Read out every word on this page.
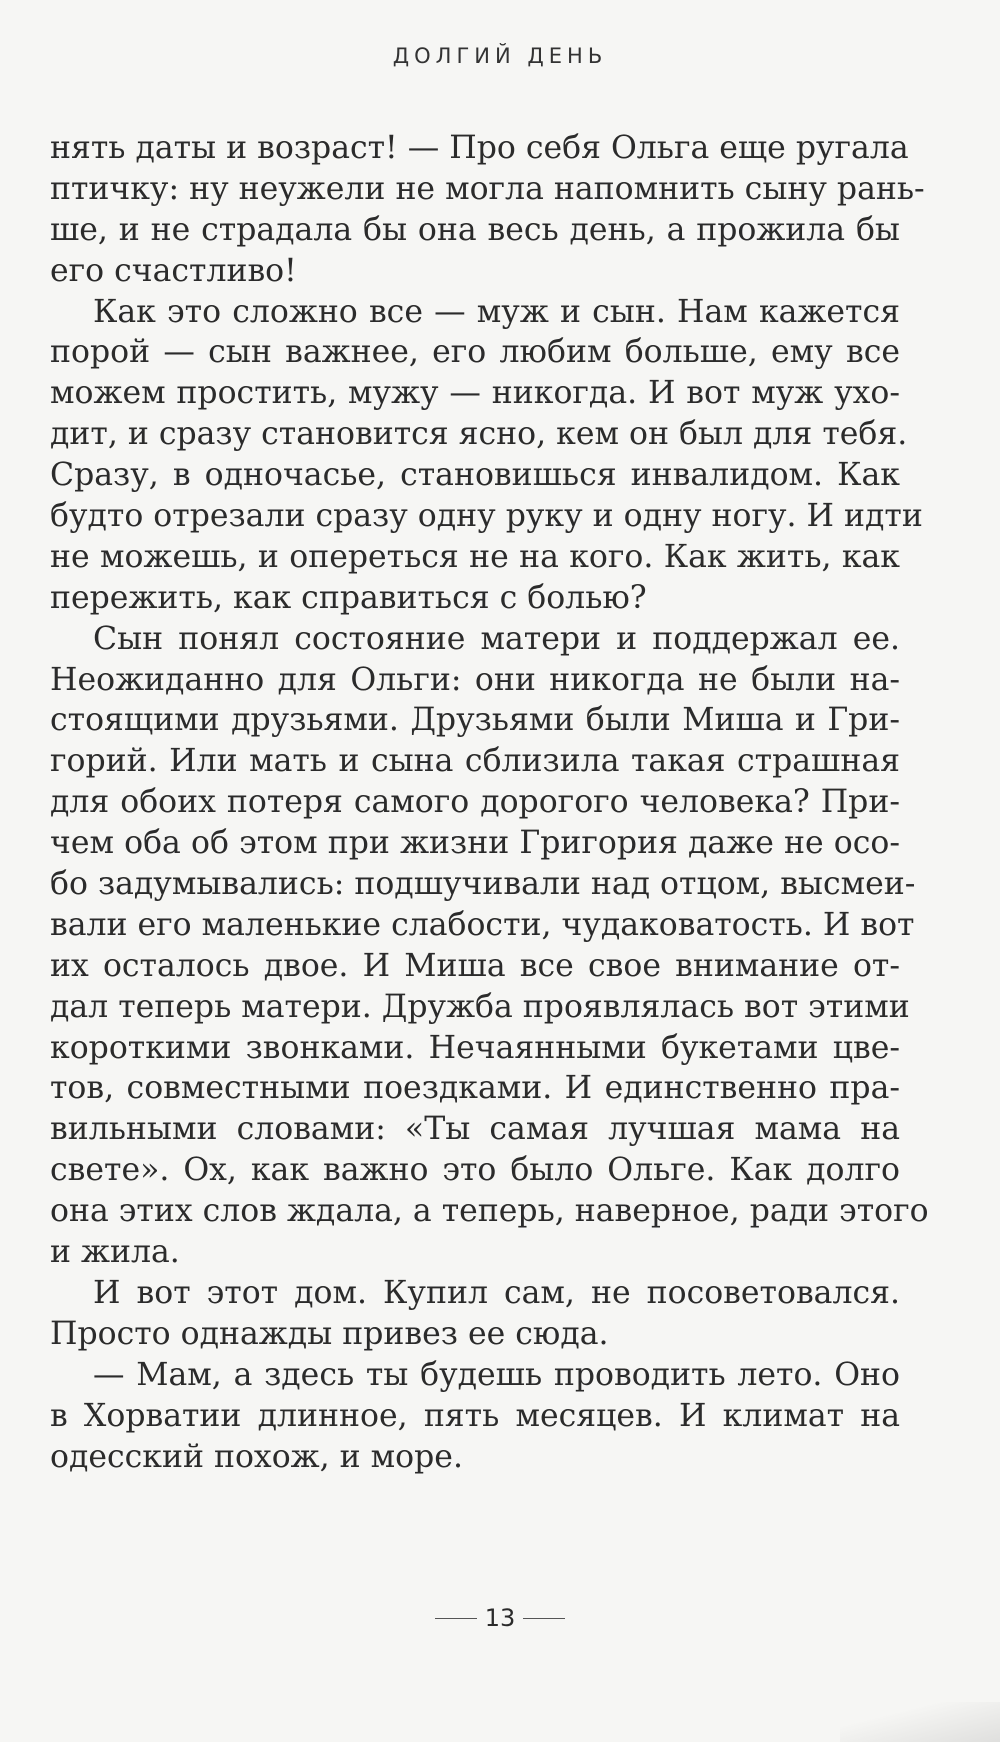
ДОЛГИЙ ДЕНЬ
нять даты и возраст! — Про себя Ольга еще ругала
птичку: ну неужели не могла напомнить сыну рань-
ше, и не страдала бы она весь день, а прожила бы
его счастливо!
Как это сложно все — муж и сын. Нам кажется
порой — сын важнее, его любим больше, ему все
можем простить, мужу — никогда. И вот муж ухо-
дит, и сразу становится ясно, кем он был для тебя.
Сразу, в одночасье, становишься инвалидом. Как
будто отрезали сразу одну руку и одну ногу. И идти
не можешь, и опереться не на кого. Как жить, как
пережить, как справиться с болью?
Сын понял состояние матери и поддержал ее.
Неожиданно для Ольги: они никогда не были на-
стоящими друзьями. Друзьями были Миша и Гри-
горий. Или мать и сына сблизила такая страшная
для обоих потеря самого дорогого человека? При-
чем оба об этом при жизни Григория даже не осо-
бо задумывались: подшучивали над отцом, высмеи-
вали его маленькие слабости, чудаковатость. И вот
их осталось двое. И Миша все свое внимание от-
дал теперь матери. Дружба проявлялась вот этими
короткими звонками. Нечаянными букетами цве-
тов, совместными поездками. И единственно пра-
вильными словами: «Ты самая лучшая мама на
свете». Ох, как важно это было Ольге. Как долго
она этих слов ждала, а теперь, наверное, ради этого
и жила.
И вот этот дом. Купил сам, не посоветовался.
Просто однажды привез ее сюда.
— Мам, а здесь ты будешь проводить лето. Оно
в Хорватии длинное, пять месяцев. И климат на
одесский похож, и море.
13
